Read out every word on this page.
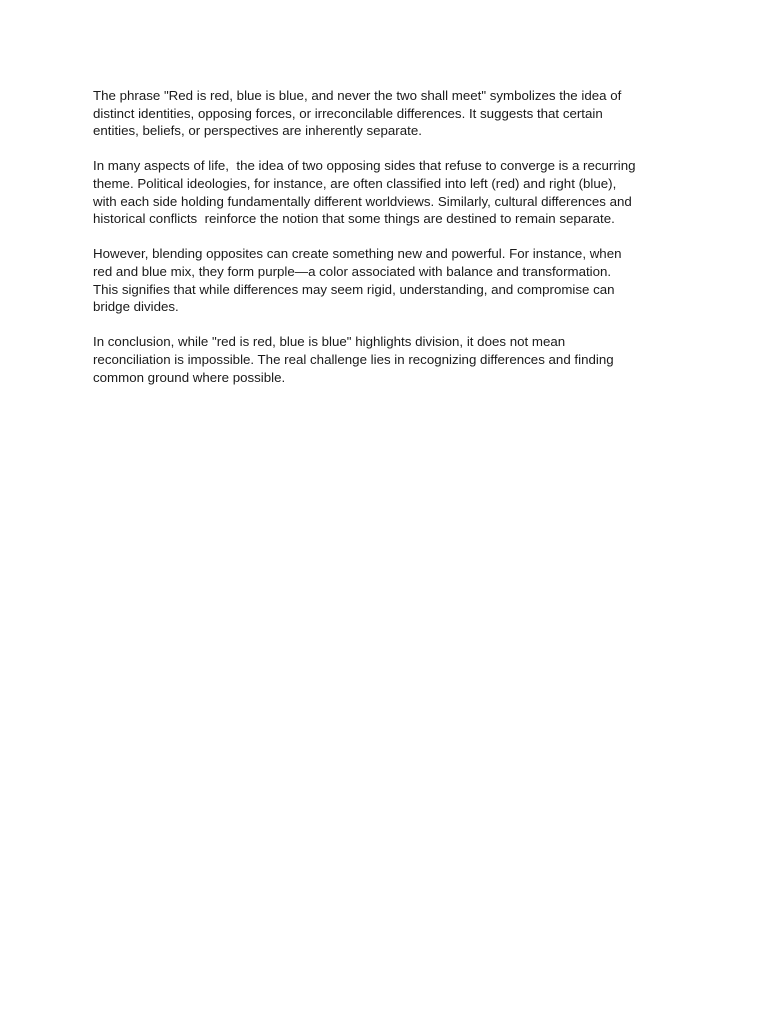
The phrase "Red is red, blue is blue, and never the two shall meet" symbolizes the idea of
distinct identities, opposing forces, or irreconcilable differences. It suggests that certain
entities, beliefs, or perspectives are inherently separate.

In many aspects of life,  the idea of two opposing sides that refuse to converge is a recurring
theme. Political ideologies, for instance, are often classified into left (red) and right (blue),
with each side holding fundamentally different worldviews. Similarly, cultural differences and
historical conflicts  reinforce the notion that some things are destined to remain separate.

However, blending opposites can create something new and powerful. For instance, when
red and blue mix, they form purple—a color associated with balance and transformation.
This signifies that while differences may seem rigid, understanding, and compromise can
bridge divides.

In conclusion, while "red is red, blue is blue" highlights division, it does not mean
reconciliation is impossible. The real challenge lies in recognizing differences and finding
common ground where possible.
